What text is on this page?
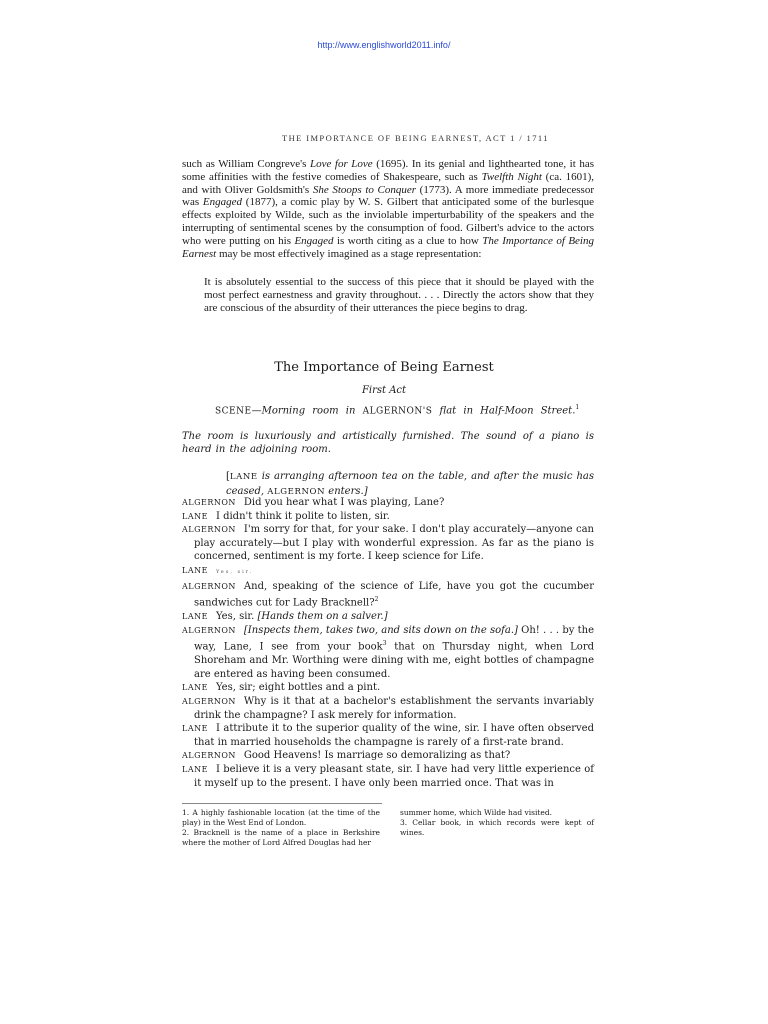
http://www.englishworld2011.info/
THE IMPORTANCE OF BEING EARNEST, ACT 1 / 1711

such as William Congreve's Love for Love (1695). In its genial and lighthearted tone, it has some affinities with the festive comedies of Shakespeare, such as Twelfth Night (ca. 1601), and with Oliver Goldsmith's She Stoops to Conquer (1773). A more immediate predecessor was Engaged (1877), a comic play by W. S. Gilbert that anticipated some of the burlesque effects exploited by Wilde, such as the inviolable imperturbability of the speakers and the interrupting of sentimental scenes by the consumption of food. Gilbert's advice to the actors who were putting on his Engaged is worth citing as a clue to how The Importance of Being Earnest may be most effectively imagined as a stage representation:

It is absolutely essential to the success of this piece that it should be played with the most perfect earnestness and gravity throughout. . . . Directly the actors show that they are conscious of the absurdity of their utterances the piece begins to drag.

The Importance of Being Earnest
First Act
SCENE—Morning room in ALGERNON'S flat in Half-Moon Street.$^1$

The room is luxuriously and artistically furnished. The sound of a piano is heard in the adjoining room.

[LANE is arranging afternoon tea on the table, and after the music has ceased, ALGERNON enters.]

ALGERNON Did you hear what I was playing, Lane?

LANE I didn't think it polite to listen, sir.

ALGERNON I'm sorry for that, for your sake. I don't play accurately—anyone can play accurately—but I play with wonderful expression. As far as the piano is concerned, sentiment is my forte. I keep science for Life.

LANE Yes, sir.

ALGERNON And, speaking of the science of Life, have you got the cucumber sandwiches cut for Lady Bracknell?$^2$

LANE Yes, sir. [Hands them on a salver.]

ALGERNON [Inspects them, takes two, and sits down on the sofa.] Oh! . . . by the way, Lane, I see from your book$^3$ that on Thursday night, when Lord Shoreham and Mr. Worthing were dining with me, eight bottles of champagne are entered as having been consumed.

LANE Yes, sir; eight bottles and a pint.

ALGERNON Why is it that at a bachelor's establishment the servants invariably drink the champagne? I ask merely for information.

LANE I attribute it to the superior quality of the wine, sir. I have often observed that in married households the champagne is rarely of a first-rate brand.

ALGERNON Good Heavens! Is marriage so demoralizing as that?

LANE I believe it is a very pleasant state, sir. I have had very little experience of it myself up to the present. I have only been married once. That was in

1. A highly fashionable location (at the time of the play) in the West End of London.

2. Bracknell is the name of a place in Berkshire where the mother of Lord Alfred Douglas had her

summer home, which Wilde had visited.

3. Cellar book, in which records were kept of wines.
